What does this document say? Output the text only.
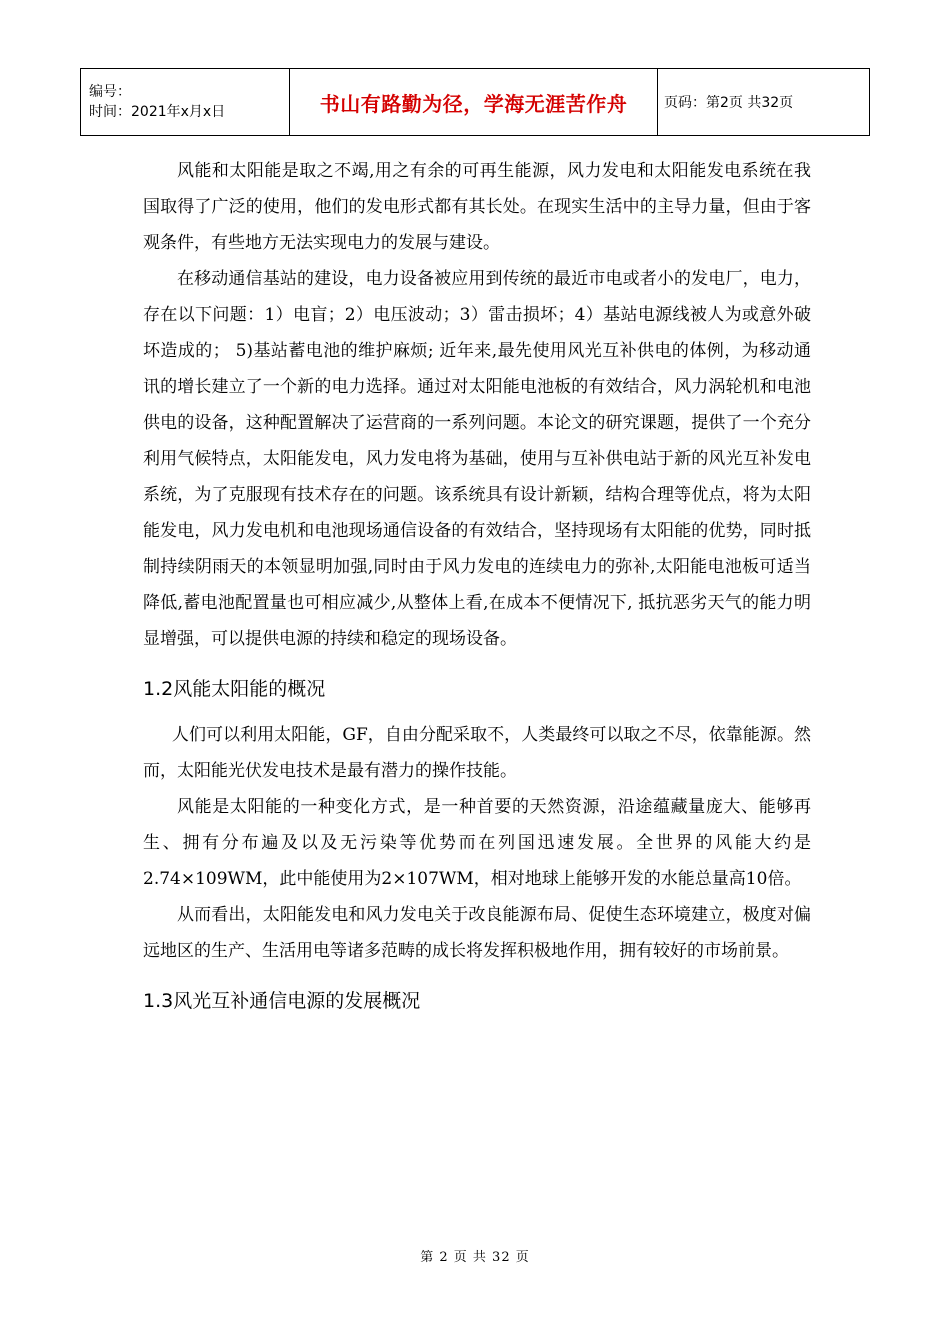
编号：
时间：2021年x月x日	书山有路勤为径，学海无涯苦作舟	页码：第2页 共32页

风能和太阳能是取之不竭,用之有余的可再生能源，风力发电和太阳能发电系统在我国取得了广泛的使用，他们的发电形式都有其长处。在现实生活中的主导力量，但由于客观条件，有些地方无法实现电力的发展与建设。

在移动通信基站的建设，电力设备被应用到传统的最近市电或者小的发电厂，电力，存在以下问题：1）电盲；2）电压波动；3）雷击损坏；4）基站电源线被人为或意外破坏造成的； 5)基站蓄电池的维护麻烦; 近年来,最先使用风光互补供电的体例，为移动通讯的增长建立了一个新的电力选择。通过对太阳能电池板的有效结合，风力涡轮机和电池供电的设备，这种配置解决了运营商的一系列问题。本论文的研究课题，提供了一个充分利用气候特点，太阳能发电，风力发电将为基础，使用与互补供电站于新的风光互补发电系统，为了克服现有技术存在的问题。该系统具有设计新颖，结构合理等优点，将为太阳能发电，风力发电机和电池现场通信设备的有效结合，坚持现场有太阳能的优势，同时抵制持续阴雨天的本领显明加强,同时由于风力发电的连续电力的弥补,太阳能电池板可适当降低,蓄电池配置量也可相应减少,从整体上看,在成本不便情况下, 抵抗恶劣天气的能力明显增强，可以提供电源的持续和稳定的现场设备。

1.2风能太阳能的概况

人们可以利用太阳能，GF，自由分配采取不，人类最终可以取之不尽，依靠能源。然而，太阳能光伏发电技术是最有潜力的操作技能。

风能是太阳能的一种变化方式，是一种首要的天然资源，沿途蕴藏量庞大、能够再生、拥有分布遍及以及无污染等优势而在列国迅速发展。全世界的风能大约是2.74×109WM，此中能使用为2×107WM，相对地球上能够开发的水能总量高10倍。

从而看出，太阳能发电和风力发电关于改良能源布局、促使生态环境建立，极度对偏远地区的生产、生活用电等诸多范畴的成长将发挥积极地作用，拥有较好的市场前景。

1.3风光互补通信电源的发展概况
第 2 页 共 32 页
